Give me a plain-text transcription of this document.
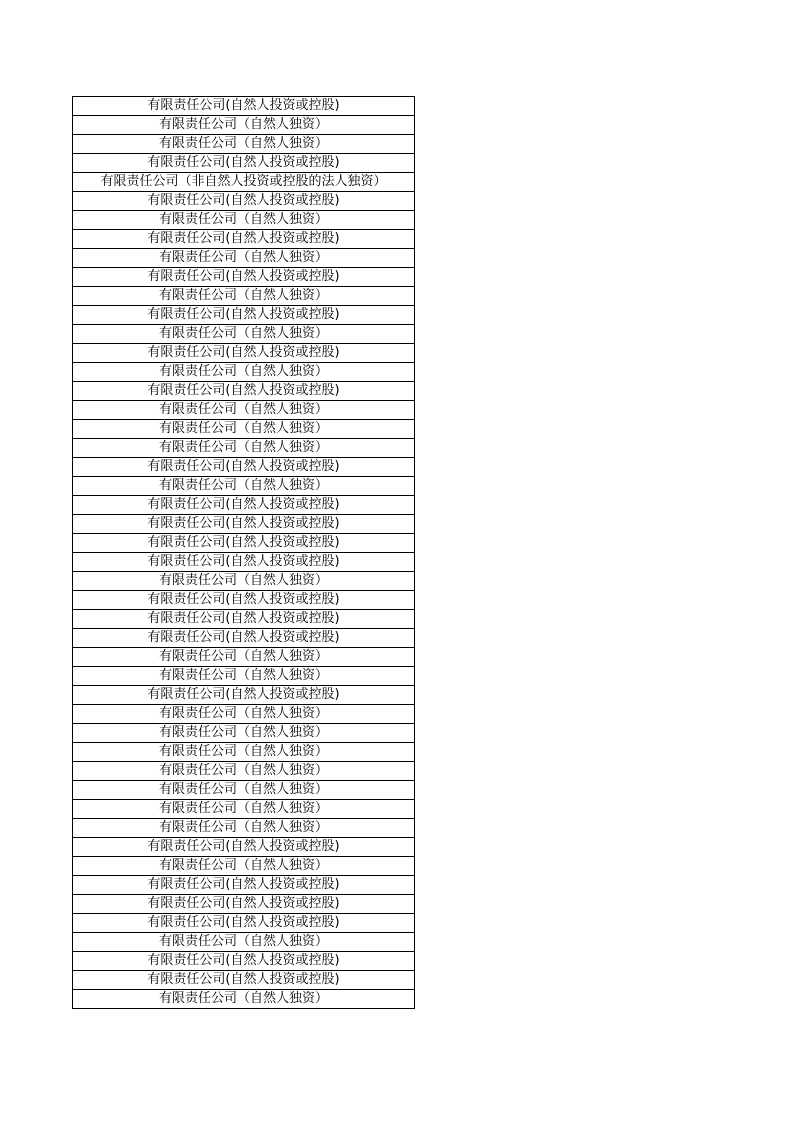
有限责任公司(自然人投资或控股)
有限责任公司（自然人独资）
有限责任公司（自然人独资）
有限责任公司(自然人投资或控股)
有限责任公司（非自然人投资或控股的法人独资）
有限责任公司(自然人投资或控股)
有限责任公司（自然人独资）
有限责任公司(自然人投资或控股)
有限责任公司（自然人独资）
有限责任公司(自然人投资或控股)
有限责任公司（自然人独资）
有限责任公司(自然人投资或控股)
有限责任公司（自然人独资）
有限责任公司(自然人投资或控股)
有限责任公司（自然人独资）
有限责任公司(自然人投资或控股)
有限责任公司（自然人独资）
有限责任公司（自然人独资）
有限责任公司（自然人独资）
有限责任公司(自然人投资或控股)
有限责任公司（自然人独资）
有限责任公司(自然人投资或控股)
有限责任公司(自然人投资或控股)
有限责任公司(自然人投资或控股)
有限责任公司(自然人投资或控股)
有限责任公司（自然人独资）
有限责任公司(自然人投资或控股)
有限责任公司(自然人投资或控股)
有限责任公司(自然人投资或控股)
有限责任公司（自然人独资）
有限责任公司（自然人独资）
有限责任公司(自然人投资或控股)
有限责任公司（自然人独资）
有限责任公司（自然人独资）
有限责任公司（自然人独资）
有限责任公司（自然人独资）
有限责任公司（自然人独资）
有限责任公司（自然人独资）
有限责任公司（自然人独资）
有限责任公司(自然人投资或控股)
有限责任公司（自然人独资）
有限责任公司(自然人投资或控股)
有限责任公司(自然人投资或控股)
有限责任公司(自然人投资或控股)
有限责任公司（自然人独资）
有限责任公司(自然人投资或控股)
有限责任公司(自然人投资或控股)
有限责任公司（自然人独资）
